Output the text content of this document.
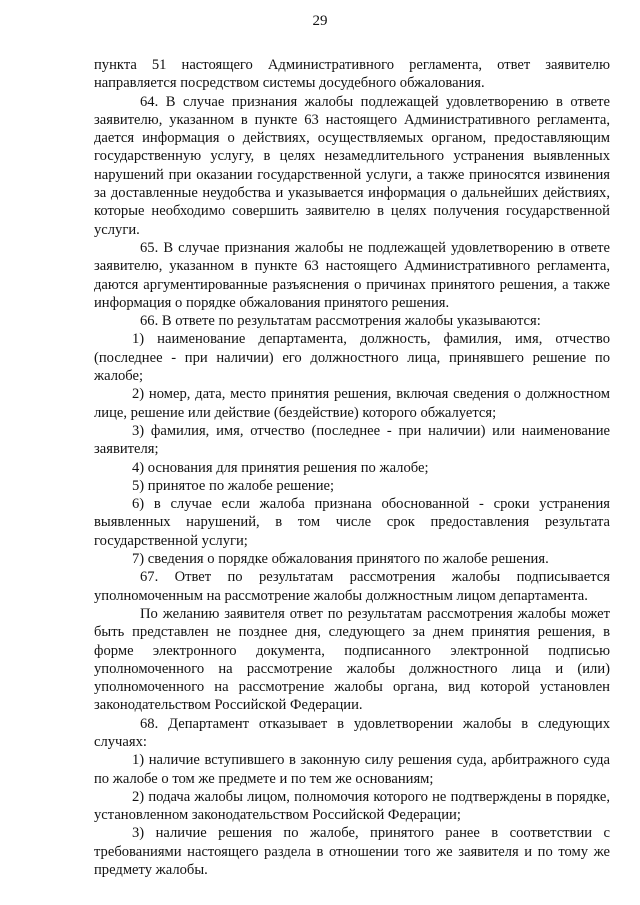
29

пункта 51 настоящего Административного регламента, ответ заявителю направляется посредством системы досудебного обжалования.

64. В случае признания жалобы подлежащей удовлетворению в ответе заявителю, указанном в пункте 63 настоящего Административного регламента, дается информация о действиях, осуществляемых органом, предоставляющим государственную услугу, в целях незамедлительного устранения выявленных нарушений при оказании государственной услуги, а также приносятся извинения за доставленные неудобства и указывается информация о дальнейших действиях, которые необходимо совершить заявителю в целях получения государственной услуги.

65. В случае признания жалобы не подлежащей удовлетворению в ответе заявителю, указанном в пункте 63 настоящего Административного регламента, даются аргументированные разъяснения о причинах принятого решения, а также информация о порядке обжалования принятого решения.

66. В ответе по результатам рассмотрения жалобы указываются:

1) наименование департамента, должность, фамилия, имя, отчество (последнее - при наличии) его должностного лица, принявшего решение по жалобе;

2) номер, дата, место принятия решения, включая сведения о должностном лице, решение или действие (бездействие) которого обжалуется;

3) фамилия, имя, отчество (последнее - при наличии) или наименование заявителя;

4) основания для принятия решения по жалобе;

5) принятое по жалобе решение;

6) в случае если жалоба признана обоснованной - сроки устранения выявленных нарушений, в том числе срок предоставления результата государственной услуги;

7) сведения о порядке обжалования принятого по жалобе решения.

67. Ответ по результатам рассмотрения жалобы подписывается уполномоченным на рассмотрение жалобы должностным лицом департамента.

По желанию заявителя ответ по результатам рассмотрения жалобы может быть представлен не позднее дня, следующего за днем принятия решения, в форме электронного документа, подписанного электронной подписью уполномоченного на рассмотрение жалобы должностного лица и (или) уполномоченного на рассмотрение жалобы органа, вид которой установлен законодательством Российской Федерации.

68. Департамент отказывает в удовлетворении жалобы в следующих случаях:

1) наличие вступившего в законную силу решения суда, арбитражного суда по жалобе о том же предмете и по тем же основаниям;

2) подача жалобы лицом, полномочия которого не подтверждены в порядке, установленном законодательством Российской Федерации;

3) наличие решения по жалобе, принятого ранее в соответствии с требованиями настоящего раздела в отношении того же заявителя и по тому же предмету жалобы.
